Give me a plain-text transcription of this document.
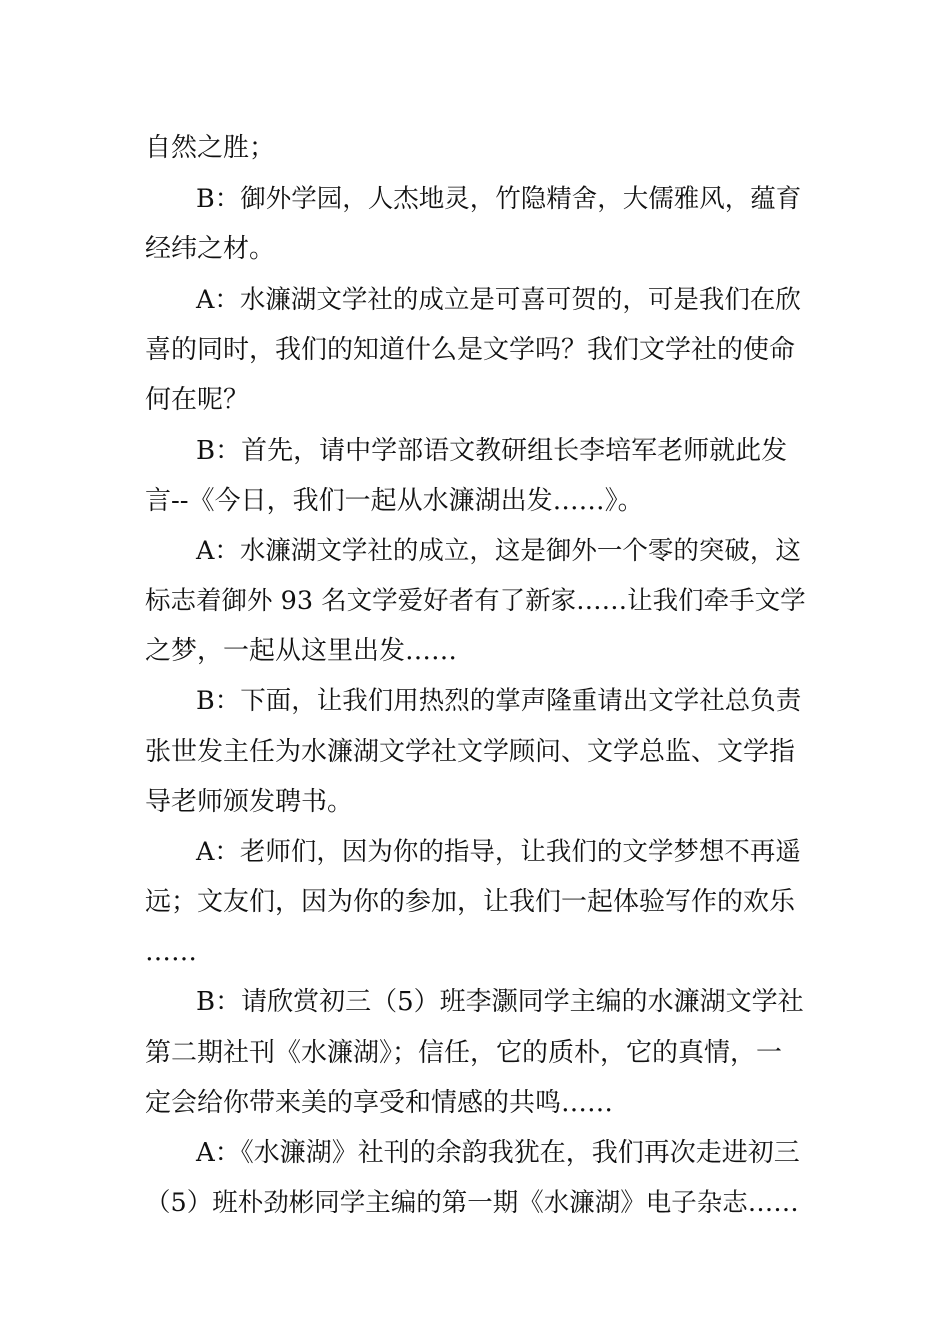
自然之胜；
B：御外学园，人杰地灵，竹隐精舍，大儒雅风，蕴育
经纬之材。
A：水濂湖文学社的成立是可喜可贺的，可是我们在欣
喜的同时，我们的知道什么是文学吗？我们文学社的使命
何在呢？
B：首先，请中学部语文教研组长李培军老师就此发
言--《今日，我们一起从水濂湖出发……》。
A：水濂湖文学社的成立，这是御外一个零的突破，这
标志着御外 93 名文学爱好者有了新家……让我们牵手文学
之梦，一起从这里出发……
B：下面，让我们用热烈的掌声隆重请出文学社总负责
张世发主任为水濂湖文学社文学顾问、文学总监、文学指
导老师颁发聘书。
A：老师们，因为你的指导，让我们的文学梦想不再遥
远；文友们，因为你的参加，让我们一起体验写作的欢乐
……
B：请欣赏初三（5）班李灏同学主编的水濂湖文学社
第二期社刊《水濂湖》；信任，它的质朴，它的真情，一
定会给你带来美的享受和情感的共鸣……
A：《水濂湖》社刊的余韵我犹在，我们再次走进初三
（5）班朴劲彬同学主编的第一期《水濂湖》电子杂志……
